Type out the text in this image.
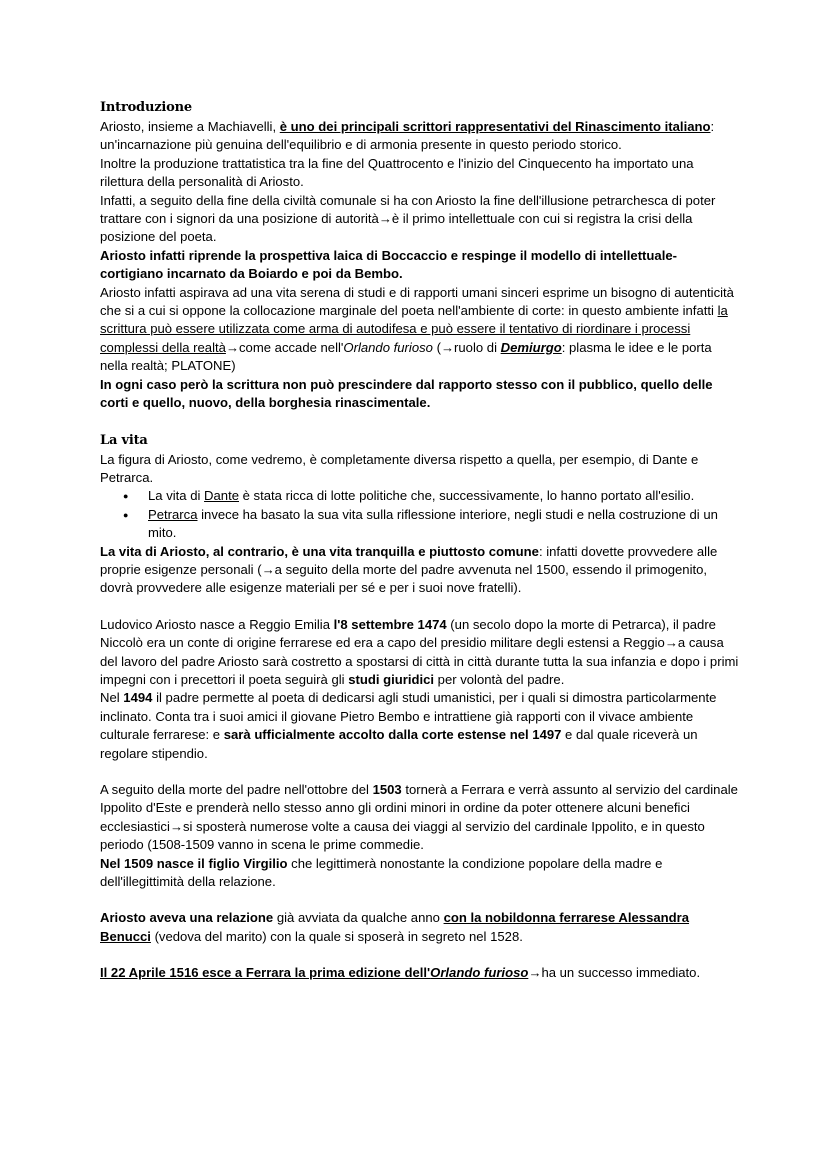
Introduzione

Ariosto, insieme a Machiavelli, è uno dei principali scrittori rappresentativi del Rinascimento italiano: un'incarnazione più genuina dell'equilibrio e di armonia presente in questo periodo storico.

Inoltre la produzione trattatistica tra la fine del Quattrocento e l'inizio del Cinquecento ha importato una rilettura della personalità di Ariosto.

Infatti, a seguito della fine della civiltà comunale si ha con Ariosto la fine dell'illusione petrarchesca di poter trattare con i signori da una posizione di autorità→è il primo intellettuale con cui si registra la crisi della posizione del poeta.

Ariosto infatti riprende la prospettiva laica di Boccaccio e respinge il modello di intellettuale-cortigiano incarnato da Boiardo e poi da Bembo.

Ariosto infatti aspirava ad una vita serena di studi e di rapporti umani sinceri esprime un bisogno di autenticità che si a cui si oppone la collocazione marginale del poeta nell'ambiente di corte: in questo ambiente infatti la scrittura può essere utilizzata come arma di autodifesa e può essere il tentativo di riordinare i processi complessi della realtà→come accade nell'Orlando furioso (→ruolo di Demiurgo: plasma le idee e le porta nella realtà; PLATONE)

In ogni caso però la scrittura non può prescindere dal rapporto stesso con il pubblico, quello delle corti e quello, nuovo, della borghesia rinascimentale.

La vita

La figura di Ariosto, come vedremo, è completamente diversa rispetto a quella, per esempio, di Dante e Petrarca.

● La vita di Dante è stata ricca di lotte politiche che, successivamente, lo hanno portato all'esilio.
● Petrarca invece ha basato la sua vita sulla riflessione interiore, negli studi e nella costruzione di un mito.

La vita di Ariosto, al contrario, è una vita tranquilla e piuttosto comune: infatti dovette provvedere alle proprie esigenze personali (→a seguito della morte del padre avvenuta nel 1500, essendo il primogenito, dovrà provvedere alle esigenze materiali per sé e per i suoi nove fratelli).

Ludovico Ariosto nasce a Reggio Emilia l'8 settembre 1474 (un secolo dopo la morte di Petrarca), il padre Niccolò era un conte di origine ferrarese ed era a capo del presidio militare degli estensi a Reggio→a causa del lavoro del padre Ariosto sarà costretto a spostarsi di città in città durante tutta la sua infanzia e dopo i primi impegni con i precettori il poeta seguirà gli studi giuridici per volontà del padre.

Nel 1494 il padre permette al poeta di dedicarsi agli studi umanistici, per i quali si dimostra particolarmente inclinato. Conta tra i suoi amici il giovane Pietro Bembo e intrattiene già rapporti con il vivace ambiente culturale ferrarese: e sarà ufficialmente accolto dalla corte estense nel 1497 e dal quale riceverà un regolare stipendio.

A seguito della morte del padre nell'ottobre del 1503 tornerà a Ferrara e verrà assunto al servizio del cardinale Ippolito d'Este e prenderà nello stesso anno gli ordini minori in ordine da poter ottenere alcuni benefici ecclesiastici→si sposterà numerose volte a causa dei viaggi al servizio del cardinale Ippolito, e in questo periodo (1508-1509 vanno in scena le prime commedie.

Nel 1509 nasce il figlio Virgilio che legittimerà nonostante la condizione popolare della madre e dell'illegittimità della relazione.

Ariosto aveva una relazione già avviata da qualche anno con la nobildonna ferrarese Alessandra Benucci (vedova del marito) con la quale si sposerà in segreto nel 1528.

Il 22 Aprile 1516 esce a Ferrara la prima edizione dell'Orlando furioso→ha un successo immediato.
